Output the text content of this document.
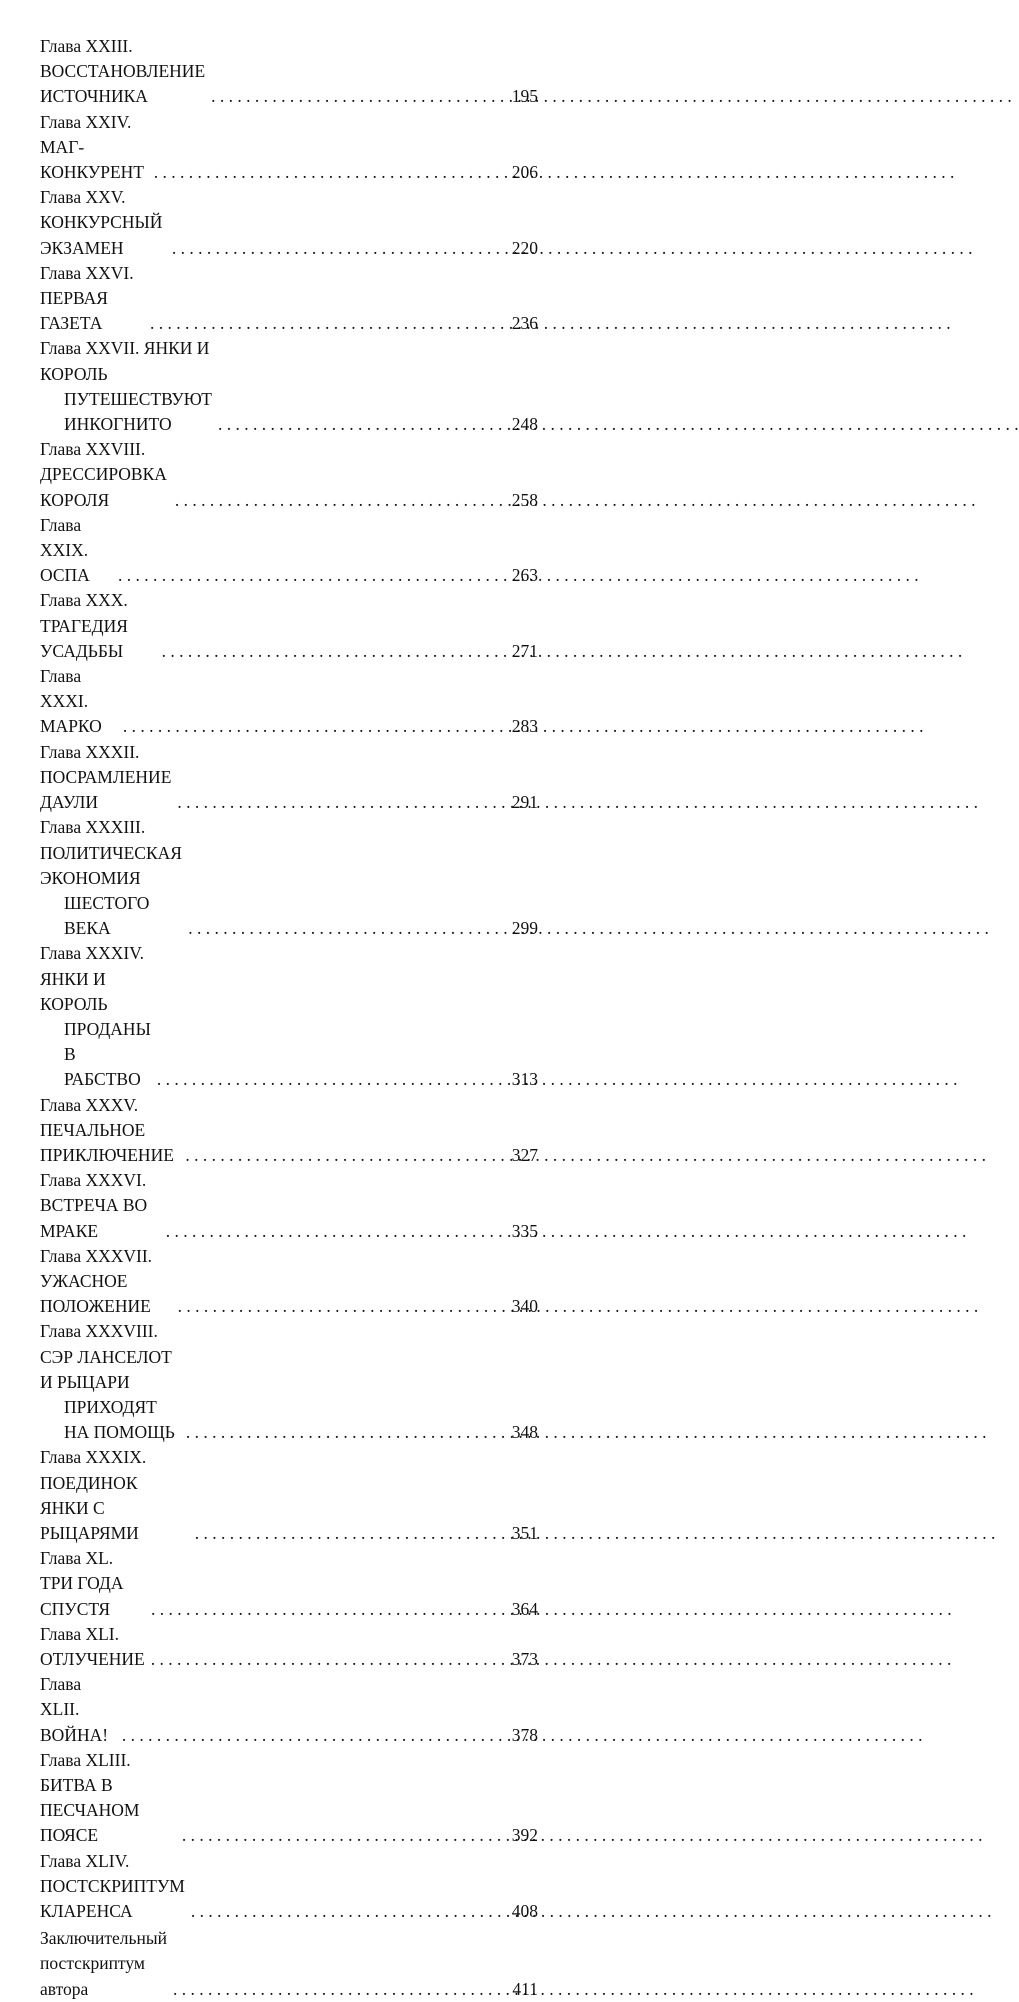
Глава XXIII. ВОССТАНОВЛЕНИЕ ИСТОЧНИКА . . .	195
Глава XXIV. МАГ-КОНКУРЕНТ . . .	206
Глава XXV. КОНКУРСНЫЙ ЭКЗАМЕН . . .	220
Глава XXVI. ПЕРВАЯ ГАЗЕТА . . .	236
Глава XXVII. ЯНКИ И КОРОЛЬ
ПУТЕШЕСТВУЮТ ИНКОГНИТО . . .	248
Глава XXVIII. ДРЕССИРОВКА КОРОЛЯ . . .	258
Глава XXIX. ОСПА . . .	263
Глава XXX. ТРАГЕДИЯ УСАДЬБЫ . . .	271
Глава XXXI. МАРКО . . .	283
Глава XXXII. ПОСРАМЛЕНИЕ ДАУЛИ . . .	291
Глава XXXIII. ПОЛИТИЧЕСКАЯ ЭКОНОМИЯ
ШЕСТОГО ВЕКА . . .	299
Глава XXXIV. ЯНКИ И КОРОЛЬ
ПРОДАНЫ В РАБСТВО . . .	313
Глава XXXV. ПЕЧАЛЬНОЕ ПРИКЛЮЧЕНИЕ . . .	327
Глава XXXVI. ВСТРЕЧА ВО МРАКЕ . . .	335
Глава XXXVII. УЖАСНОЕ ПОЛОЖЕНИЕ . . .	340
Глава XXXVIII. СЭР ЛАНСЕЛОТ И РЫЦАРИ
ПРИХОДЯТ НА ПОМОЩЬ . . .	348
Глава XXXIX. ПОЕДИНОК ЯНКИ С РЫЦАРЯМИ . . .	351
Глава XL. ТРИ ГОДА СПУСТЯ . . .	364
Глава XLI. ОТЛУЧЕНИЕ . . .	373
Глава XLII. ВОЙНА! . . .	378
Глава XLIII. БИТВА В ПЕСЧАНОМ ПОЯСЕ . . .	392
Глава XLIV. ПОСТСКРИПТУМ КЛАРЕНСА . . .	408
Заключительный постскриптум автора . . .	411
